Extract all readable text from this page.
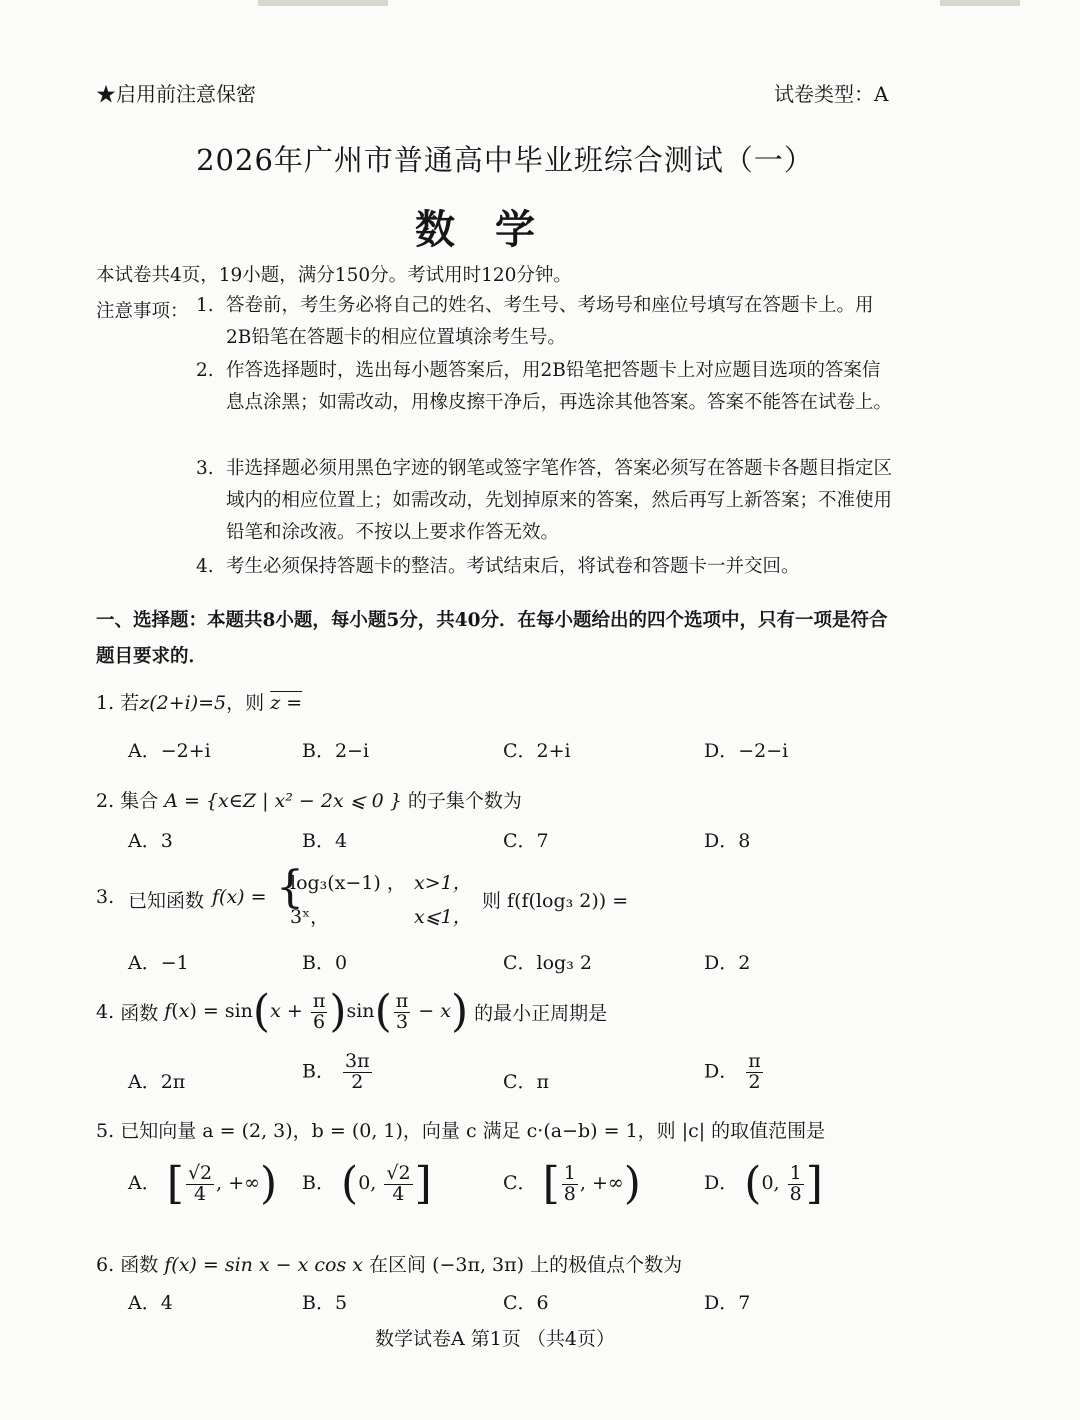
★启用前注意保密	试卷类型：A
2026年广州市普通高中毕业班综合测试（一）
数学
本试卷共4页，19小题，满分150分。考试用时120分钟。
注意事项： 1. 答卷前，考生务必将自己的姓名、考生号、考场号和座位号填写在答题卡上。用2B铅笔在答题卡的相应位置填涂考生号。
2. 作答选择题时，选出每小题答案后，用2B铅笔把答题卡上对应题目选项的答案信息点涂黑；如需改动，用橡皮擦干净后，再选涂其他答案。答案不能答在试卷上。
3. 非选择题必须用黑色字迹的钢笔或签字笔作答，答案必须写在答题卡各题目指定区域内的相应位置上；如需改动，先划掉原来的答案，然后再写上新答案；不准使用铅笔和涂改液。不按以上要求作答无效。
4. 考生必须保持答题卡的整洁。考试结束后，将试卷和答题卡一并交回。
一、选择题：本题共8小题，每小题5分，共40分．在每小题给出的四个选项中，只有一项是符合题目要求的．
1. 若z(2+i)=5，则 z =
A．−2+i	B．2−i	C．2+i	D．−2−i
2. 集合 A = {x∈Z | x² − 2x ⩽ 0 } 的子集个数为
A．3	B．4	C．7	D．8
3. 已知函数 f(x) = {
log₃(x−1) ， x>1，
3ˣ，	x⩽1，
则 f(f(log₃ 2)) =
A．−1	B．0	C．log₃ 2	D．2
4. 函数 $f(x) = \sin(x + \frac{\pi}{6} )\sin( \frac{\pi}{3} - x)$ 的最小正周期是
A．2π	B． $\frac{3\pi}{2}$	C．π	D． $\frac{\pi}{2}$
5. 已知向量 a = (2, 3)，b = (0, 1)，向量 c 满足 c·(a−b) = 1，则 |c| 的取值范围是
A． [ $\frac{√2}{4}$ , +∞) B． (0, $\frac{√2}{4}$ ]	C． [ $\frac{1}{8}$ , +∞)	D． (0, $\frac{1}{8}$ ]
6. 函数 f(x) = sin x − x cos x 在区间 (−3π, 3π) 上的极值点个数为
A．4	B．5	C．6	D．7
数学试卷A 第1页 （共4页）
